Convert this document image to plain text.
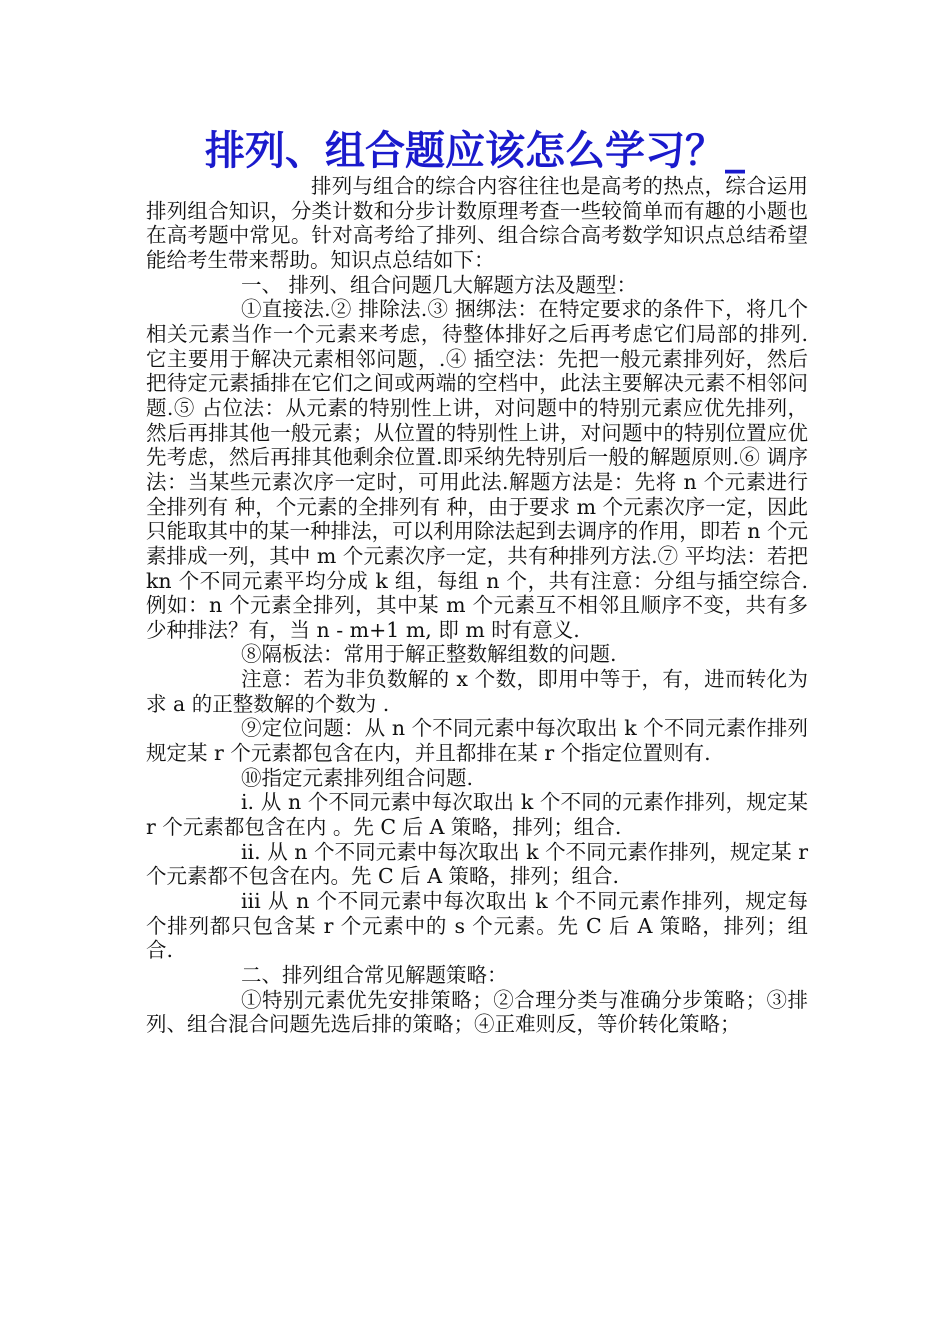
排列、组合题应该怎么学习？_

排列与组合的综合内容往往也是高考的热点，综合运用排列组合知识，分类计数和分步计数原理考查一些较简单而有趣的小题也在高考题中常见。针对高考给了排列、组合综合高考数学知识点总结希望能给考生带来帮助。知识点总结如下：

一、 排列、组合问题几大解题方法及题型：

①直接法.② 排除法.③ 捆绑法：在特定要求的条件下，将几个相关元素当作一个元素来考虑，待整体排好之后再考虑它们局部的排列.它主要用于解决元素相邻问题，.④ 插空法：先把一般元素排列好，然后把待定元素插排在它们之间或两端的空档中，此法主要解决元素不相邻问题.⑤ 占位法：从元素的特别性上讲，对问题中的特别元素应优先排列，然后再排其他一般元素；从位置的特别性上讲，对问题中的特别位置应优先考虑，然后再排其他剩余位置.即采纳先特别后一般的解题原则.⑥ 调序法：当某些元素次序一定时，可用此法.解题方法是：先将 n 个元素进行全排列有 种，个元素的全排列有 种，由于要求 m 个元素次序一定，因此只能取其中的某一种排法，可以利用除法起到去调序的作用，即若 n 个元素排成一列，其中 m 个元素次序一定，共有种排列方法.⑦ 平均法：若把 kn 个不同元素平均分成 k 组，每组 n 个，共有注意：分组与插空综合. 例如：n 个元素全排列，其中某 m 个元素互不相邻且顺序不变，共有多少种排法？有，当 n - m+1 m, 即 m 时有意义.

⑧隔板法：常用于解正整数解组数的问题.

注意：若为非负数解的 x 个数，即用中等于，有，进而转化为求 a 的正整数解的个数为 .

⑨定位问题：从 n 个不同元素中每次取出 k 个不同元素作排列规定某 r 个元素都包含在内，并且都排在某 r 个指定位置则有.

⑩指定元素排列组合问题.

i. 从 n 个不同元素中每次取出 k 个不同的元素作排列，规定某 r 个元素都包含在内 。先 C 后 A 策略，排列；组合.

ii. 从 n 个不同元素中每次取出 k 个不同元素作排列，规定某 r 个元素都不包含在内。先 C 后 A 策略，排列；组合.

iii 从 n 个不同元素中每次取出 k 个不同元素作排列，规定每个排列都只包含某 r 个元素中的 s 个元素。先 C 后 A 策略，排列；组合.

二、排列组合常见解题策略：

①特别元素优先安排策略；②合理分类与准确分步策略；③排列、组合混合问题先选后排的策略；④正难则反，等价转化策略；
